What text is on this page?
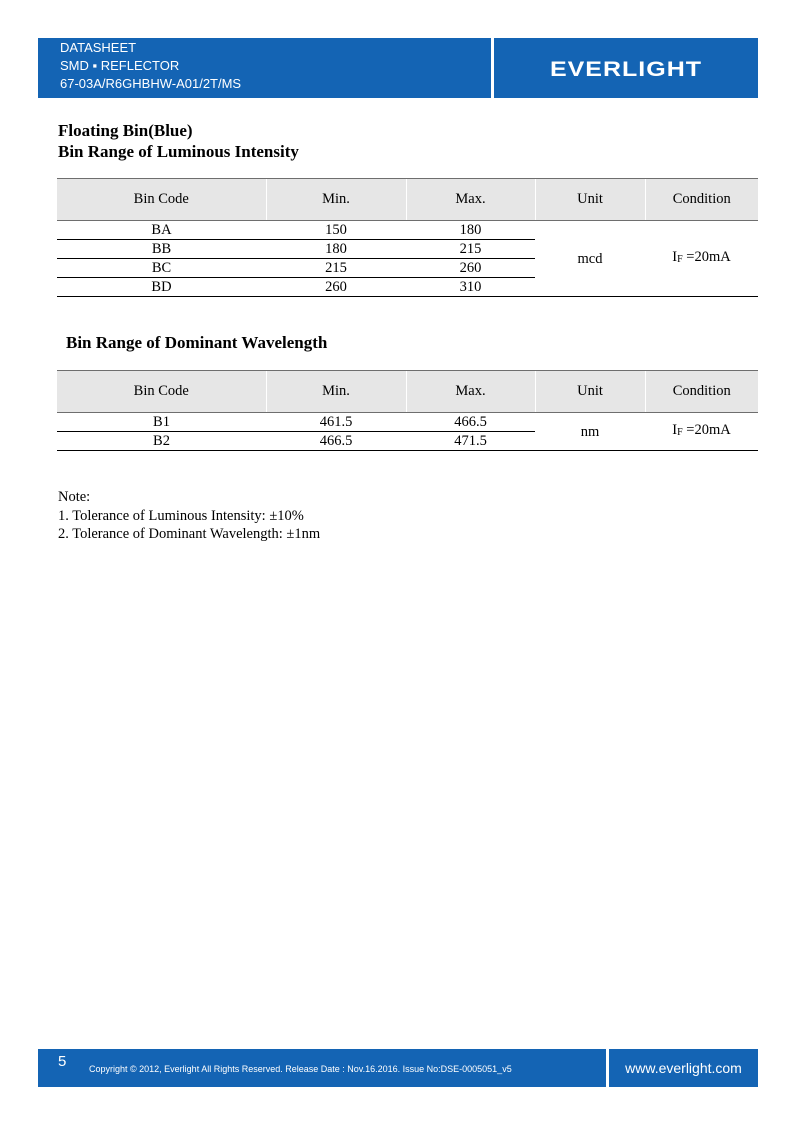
DATASHEET
SMD ▪ REFLECTOR
67-03A/R6GHBHW-A01/2T/MS
EVERLIGHT
Floating Bin(Blue)
Bin Range of Luminous Intensity
Bin Code	Min.	Max.	Unit	Condition
BA	150	180	mcd	$I_F =20mA$
BB	180	215		
BC	215	260		
BD	260	310		
Bin Range of Dominant Wavelength
Bin Code	Min.	Max.	Unit	Condition
B1	461.5	466.5	nm	$I_F =20mA$
B2	466.5	471.5		
Note:
1. Tolerance of Luminous Intensity: ±10%
2. Tolerance of Dominant Wavelength: ±1nm
5	Copyright © 2012, Everlight All Rights Reserved. Release Date : Nov.16.2016. Issue No:DSE-0005051_v5	www.everlight.com
